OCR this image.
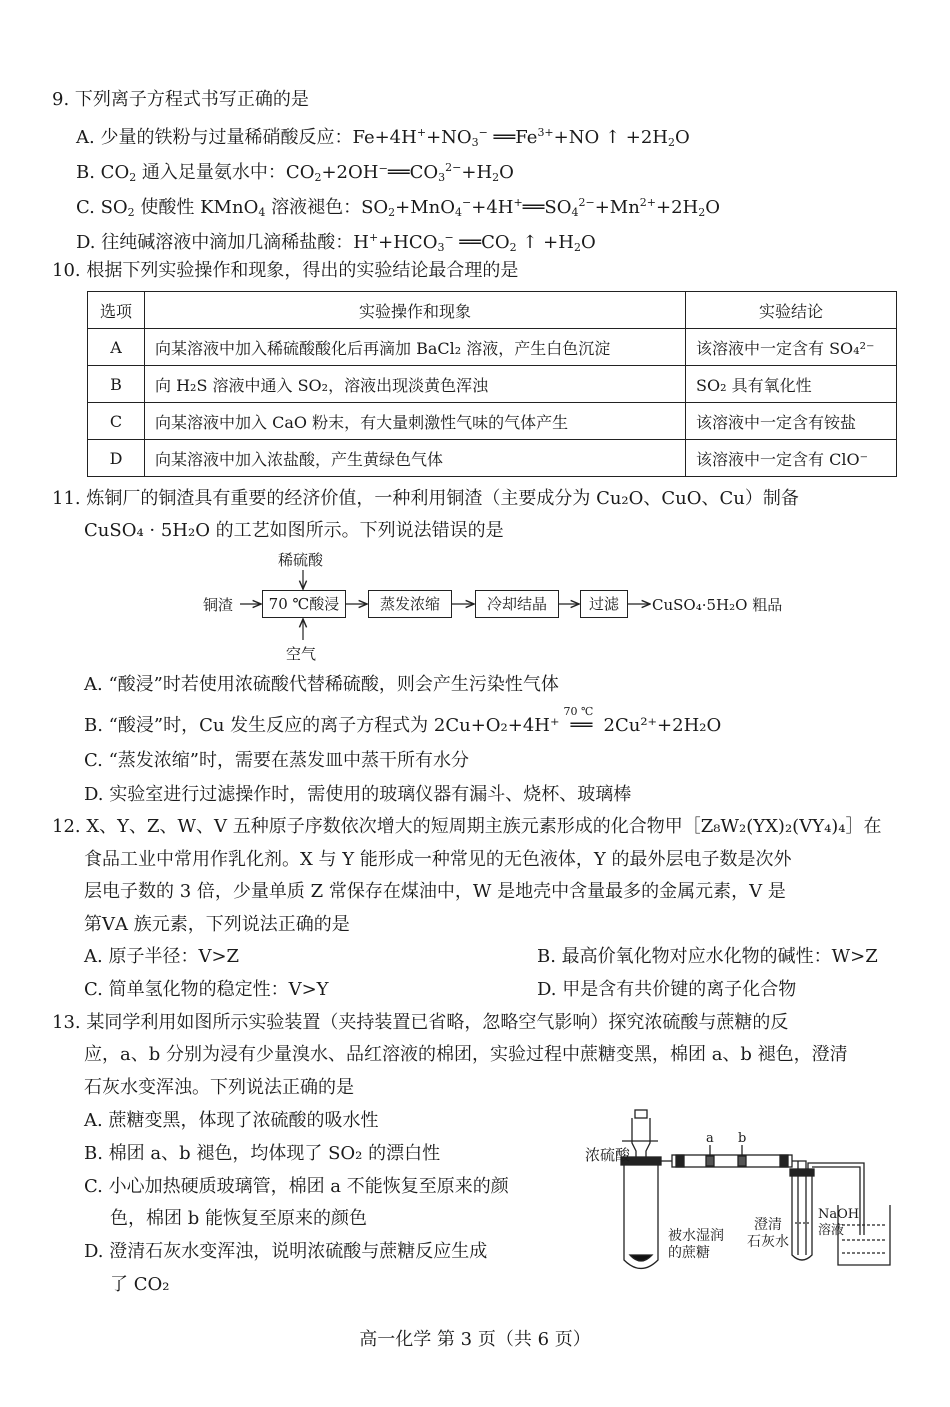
9. 下列离子方程式书写正确的是
A. 少量的铁粉与过量稀硝酸反应：$Fe+4H^++NO_3^-$ $══Fe^{3+}+NO$ ↑ $+2H_2O$
B. $CO_2$ 通入足量氨水中：$CO_2+2OH^-══CO_3^{2-}+H_2O$
C. $SO_2$ 使酸性 KMnO$_4$ 溶液褪色：$SO_2+MnO_4^-+4H^+══SO_4^{2-}+Mn^{2+}+2H_2O$
D. 往纯碱溶液中滴加几滴稀盐酸：$H^++HCO_3^-$ $══CO_2$ ↑ $+H_2O$
10. 根据下列实验操作和现象，得出的实验结论最合理的是
选项	实验操作和现象	实验结论
A	向某溶液中加入稀硫酸酸化后再滴加 BaCl₂ 溶液，产生白色沉淀	该溶液中一定含有 SO₄²⁻
B	向 H₂S 溶液中通入 SO₂，溶液出现淡黄色浑浊	SO₂ 具有氧化性
C	向某溶液中加入 CaO 粉末，有大量刺激性气味的气体产生	该溶液中一定含有铵盐
D	向某溶液中加入浓盐酸，产生黄绿色气体	该溶液中一定含有 ClO⁻
11. 炼铜厂的铜渣具有重要的经济价值，一种利用铜渣（主要成分为 Cu₂O、CuO、Cu）制备
CuSO₄ · 5H₂O 的工艺如图所示。下列说法错误的是
稀硫酸
空气
铜渣	70 ℃酸浸	蒸发浓缩	冷却结晶	过滤	CuSO₄·5H₂O 粗品
A. “酸浸”时若使用浓硫酸代替稀硫酸，则会产生污染性气体
B. “酸浸”时，Cu 发生反应的离子方程式为 2Cu+O₂+4H⁺
70 ℃
══ 2Cu²⁺+2H₂O
C. “蒸发浓缩”时，需要在蒸发皿中蒸干所有水分
D. 实验室进行过滤操作时，需使用的玻璃仪器有漏斗、烧杯、玻璃棒
12. X、Y、Z、W、V 五种原子序数依次增大的短周期主族元素形成的化合物甲［Z₈W₂(YX)₂(VY₄)₄］在
食品工业中常用作乳化剂。X 与 Y 能形成一种常见的无色液体，Y 的最外层电子数是次外
层电子数的 3 倍，少量单质 Z 常保存在煤油中，W 是地壳中含量最多的金属元素，V 是
第ⅤA 族元素，下列说法正确的是
A. 原子半径：V>Z	B. 最高价氧化物对应水化物的碱性：W>Z
C. 简单氢化物的稳定性：V>Y	D. 甲是含有共价键的离子化合物
13. 某同学利用如图所示实验装置（夹持装置已省略，忽略空气影响）探究浓硫酸与蔗糖的反
应，a、b 分别为浸有少量溴水、品红溶液的棉团，实验过程中蔗糖变黑，棉团 a、b 褪色，澄清
石灰水变浑浊。下列说法正确的是
A. 蔗糖变黑，体现了浓硫酸的吸水性
B. 棉团 a、b 褪色，均体现了 SO₂ 的漂白性
C. 小心加热硬质玻璃管，棉团 a 不能恢复至原来的颜
色，棉团 b 能恢复至原来的颜色
D. 澄清石灰水变浑浊，说明浓硫酸与蔗糖反应生成
了 CO₂
浓硫酸
a b
被水湿润
的蔗糖
澄清
石灰水
NaOH
溶液
高一化学 第 3 页（共 6 页）
